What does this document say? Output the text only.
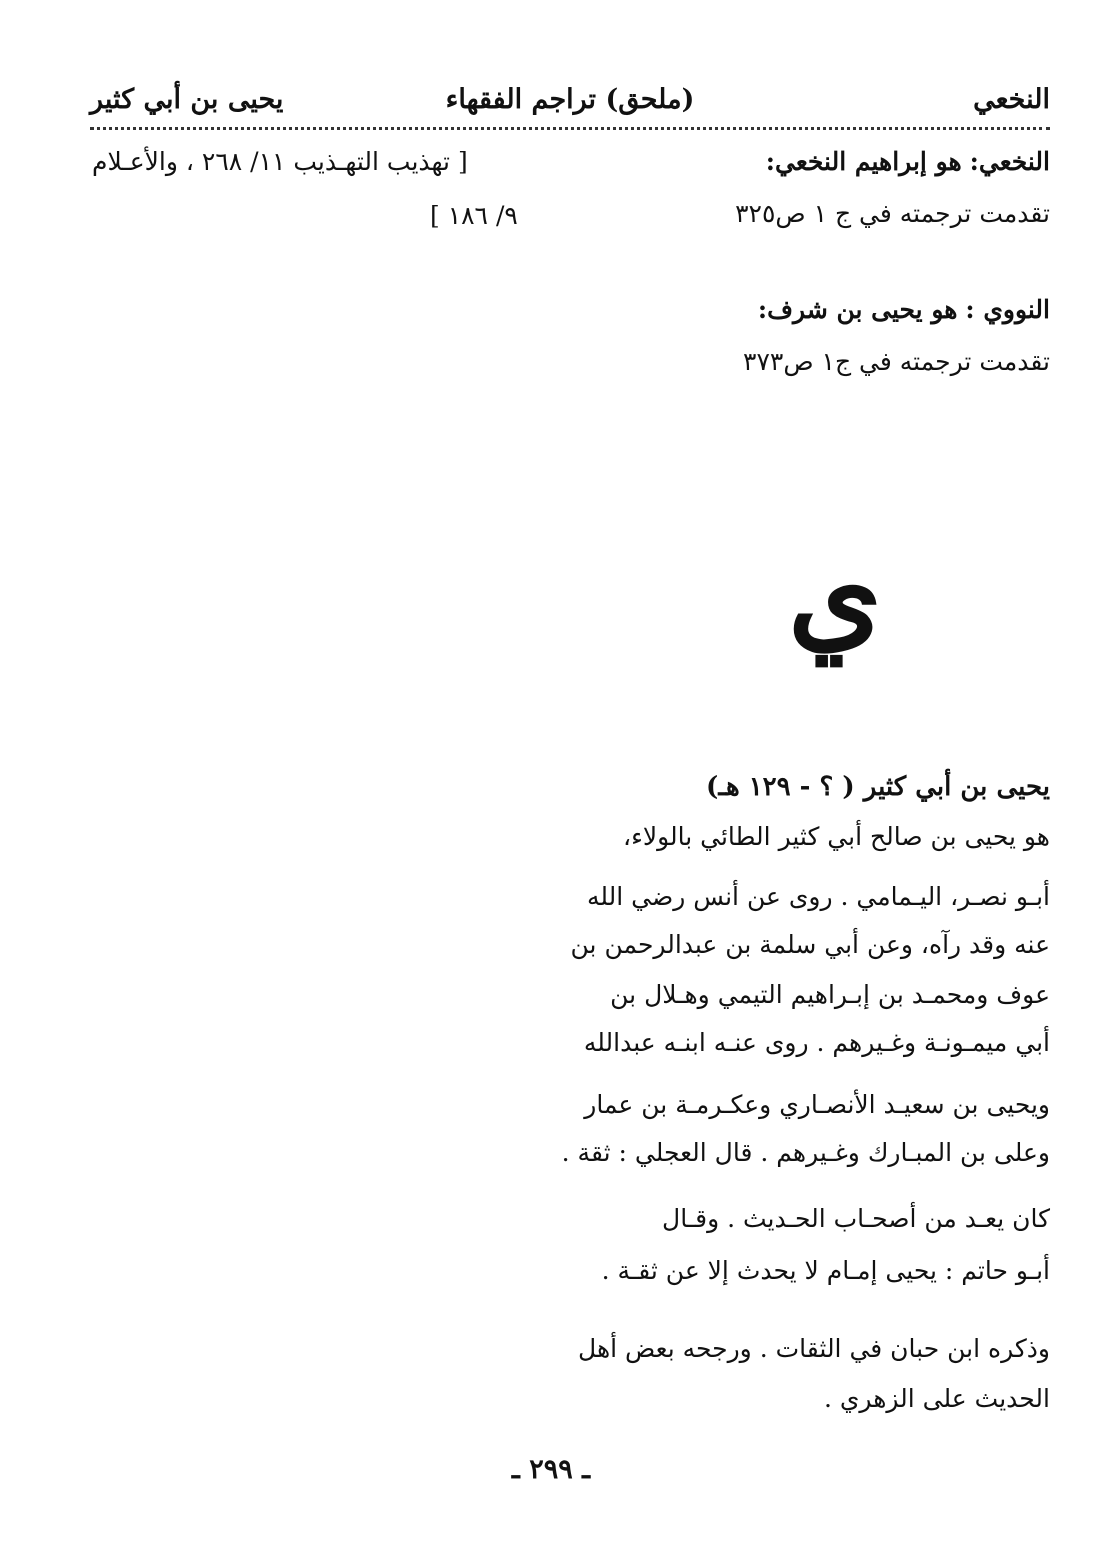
النخعي
(ملحق) تراجم الفقهاء
يحيى بن أبي كثير
النخعي: هو إبراهيم النخعي:
تقدمت ترجمته في ج ١ ص٣٢٥
[ تهذيب التهـذيب ١١/ ٢٦٨ ، والأعـلام
٩/ ١٨٦ ]
النووي : هو يحيى بن شرف:
تقدمت ترجمته في ج١ ص٣٧٣
ي
يحيى بن أبي كثير ( ؟ - ١٢٩ هـ)
هو يحيى بن صالح أبي كثير الطائي بالولاء،
أبـو نصـر، اليـمامي . روى عن أنس رضي الله
عنه وقد رآه، وعن أبي سلمة بن عبدالرحمن بن
عوف ومحمـد بن إبـراهيم التيمي وهـلال بن
أبي ميمـونـة وغـيرهم . روى عنـه ابنـه عبدالله
ويحيى بن سعيـد الأنصـاري وعكـرمـة بن عمار
وعلى بن المبـارك وغـيرهم . قال العجلي : ثقة .
كان يعـد من أصحـاب الحـديث . وقـال
أبـو حاتم : يحيى إمـام لا يحدث إلا عن ثقـة .
وذكره ابن حبان في الثقات . ورجحه بعض أهل
الحديث على الزهري .
ـ ٢٩٩ ـ
